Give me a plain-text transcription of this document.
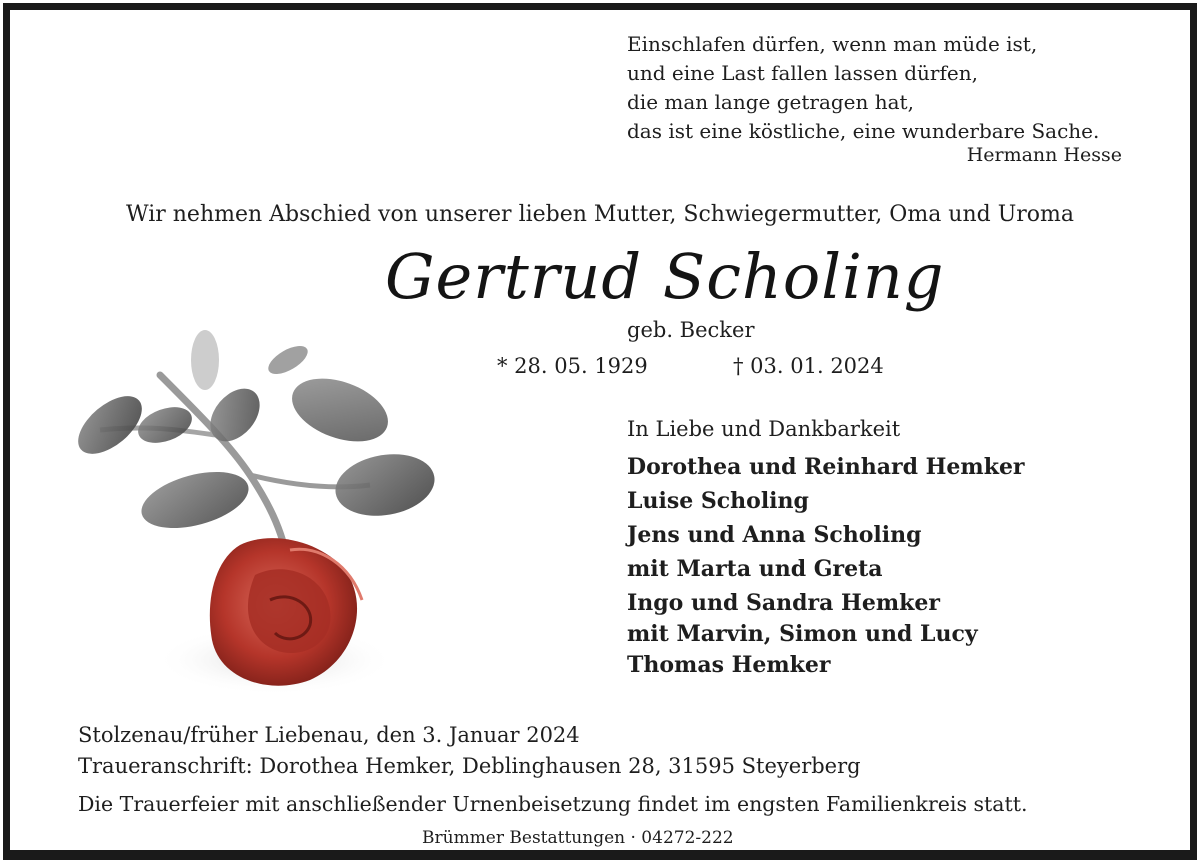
Einschlafen dürfen, wenn man müde ist,
und eine Last fallen lassen dürfen,
die man lange getragen hat,
das ist eine köstliche, eine wunderbare Sache.
Hermann Hesse
Wir nehmen Abschied von unserer lieben Mutter, Schwiegermutter, Oma und Uroma
Gertrud Scholing
geb. Becker
* 28. 05. 1929	† 03. 01. 2024
In Liebe und Dankbarkeit
Dorothea und Reinhard Hemker
Luise Scholing
Jens und Anna Scholing
mit Marta und Greta
Ingo und Sandra Hemker
mit Marvin, Simon und Lucy
Thomas Hemker
Stolzenau/früher Liebenau, den 3. Januar 2024
Traueranschrift: Dorothea Hemker, Deblinghausen 28, 31595 Steyerberg
Die Trauerfeier mit anschließender Urnenbeisetzung findet im engsten Familienkreis statt.
Brümmer Bestattungen · 04272-222
